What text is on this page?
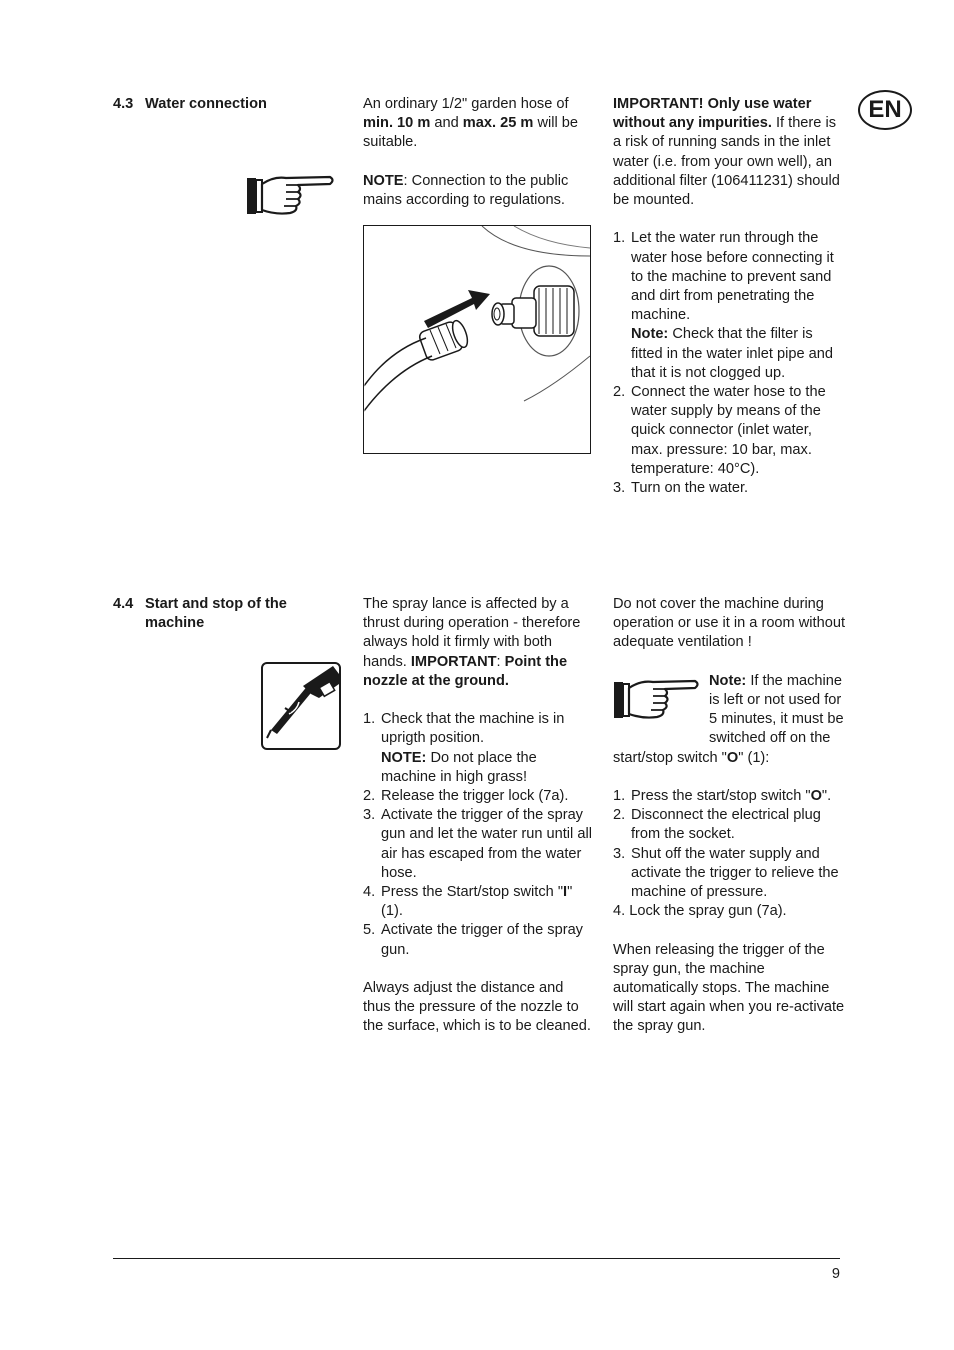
EN
4.3 Water connection	An ordinary 1/2" garden hose of min. 10 m and max. 25 m will be suitable.

NOTE: Connection to the public mains according to regulations.

IMPORTANT! Only use water without any impurities. If there is a risk of running sands in the inlet water (i.e. from your own well), an additional filter (106411231) should be mounted.

1. Let the water run through the water hose before connecting it to the machine to prevent sand and dirt from penetrating the machine.
Note: Check that the filter is fitted in the water inlet pipe and that it is not clogged up.
2. Connect the water hose to the water supply by means of the quick connector (inlet water, max. pressure: 10 bar, max. temperature: 40°C).
3. Turn on the water.
4.4 Start and stop of the machine

The spray lance is affected by a thrust during operation - therefore always hold it firmly with both hands. IMPORTANT: Point the nozzle at the ground.

1. Check that the machine is in uprigth position.
NOTE: Do not place the machine in high grass!
2. Release the trigger lock (7a).
3. Activate the trigger of the spray gun and let the water run until all air has escaped from the water hose.
4. Press the Start/stop switch "I" (1).
5. Activate the trigger of the spray gun.

Always adjust the distance and thus the pressure of the nozzle to the surface, which is to be cleaned.

Do not cover the machine during operation or use it in a room without adequate ventilation !

Note: If the machine is left or not used for 5 minutes, it must be switched off on the start/stop switch "O" (1):

1. Press the start/stop switch "O".
2. Disconnect the electrical plug from the socket.
3. Shut off the water supply and activate the trigger to relieve the machine of pressure.
4. Lock the spray gun (7a).

When releasing the trigger of the spray gun, the machine automatically stops. The machine will start again when you re-activate the spray gun.

9
